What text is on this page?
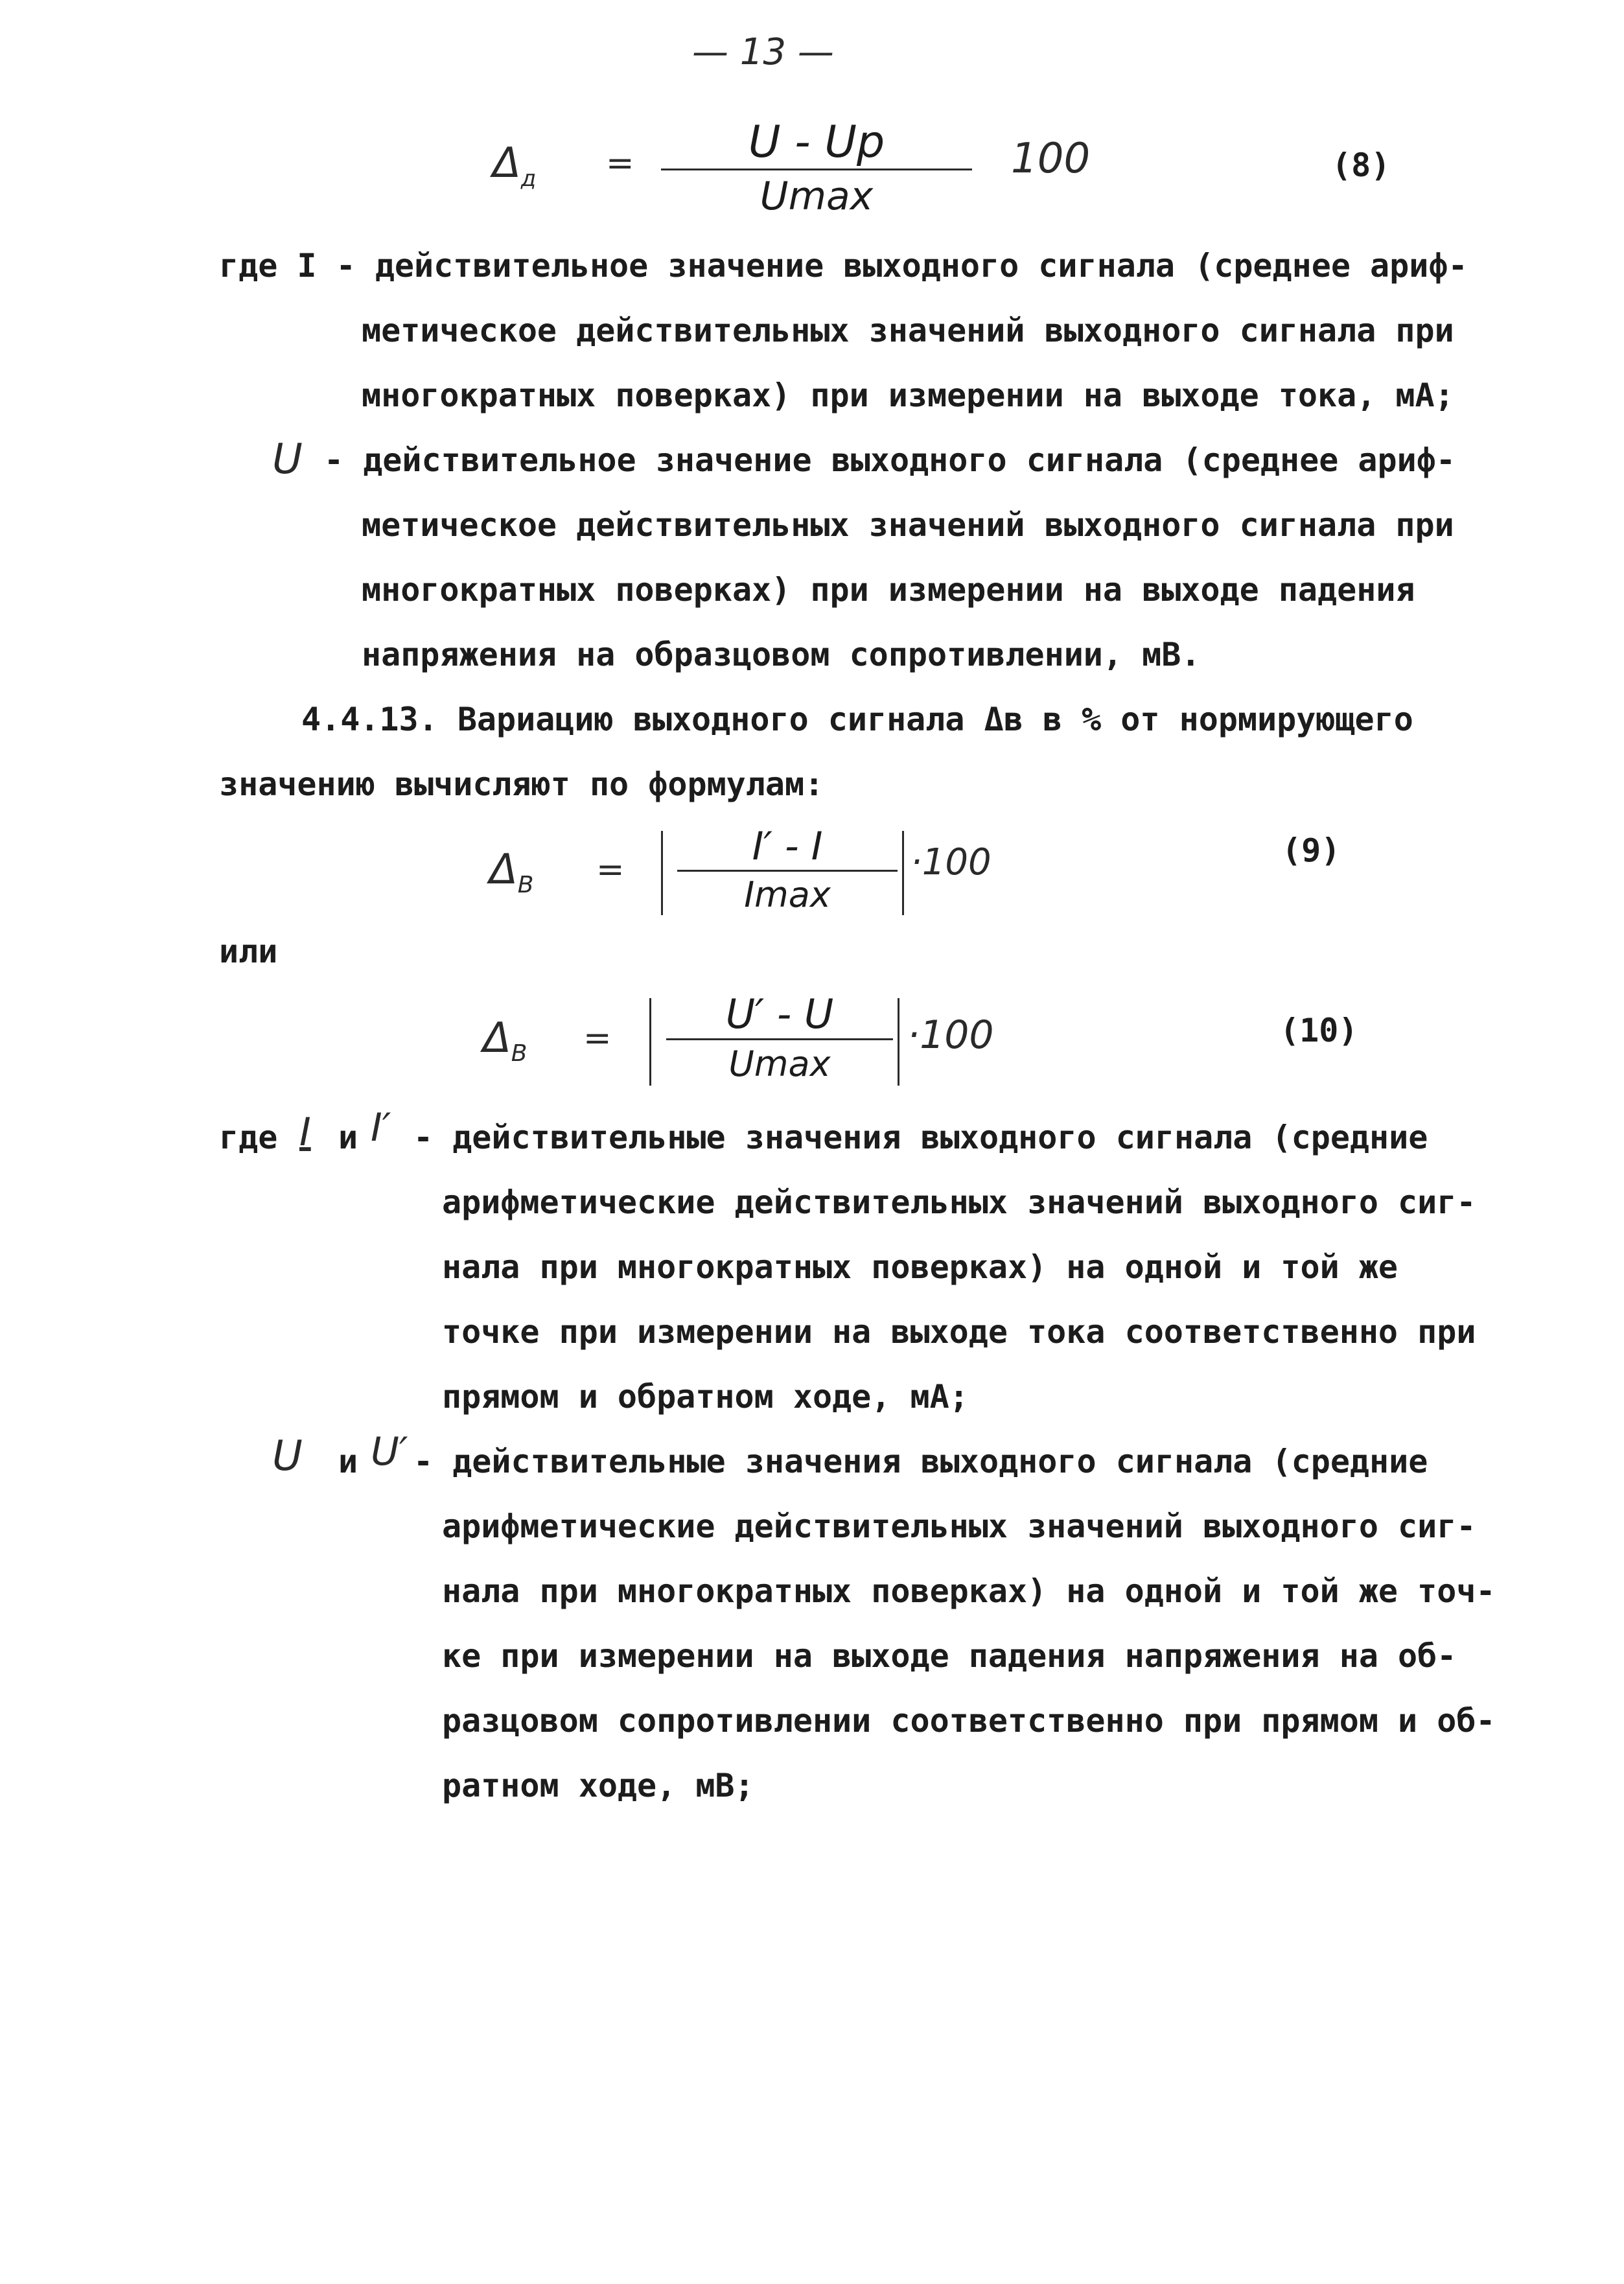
— 13 —
$\Delta_д$ =	U - Up
Umax
100	(8)
где I - действительное значение выходного сигнала (среднее ариф-
метическое действительных значений выходного сигнала при
многократных поверках) при измерении на выходе тока, мА;
U - действительное значение выходного сигнала (среднее ариф-
метическое действительных значений выходного сигнала при
многократных поверках) при измерении на выходе падения
напряжения на образцовом сопротивлении, мВ.
4.4.13. Вариацию выходного сигнала Δв в % от нормирующего
значению вычисляют по формулам:
$\Delta_B$ =
I′ - I
Imax
·100	(9)
или
$\Delta_B$ =
U′ - U
Umax
·100	(10)
где I и I′ - действительные значения выходного сигнала (средние
арифметические действительных значений выходного сиг-
нала при многократных поверках) на одной и той же
точке при измерении на выходе тока соответственно при
прямом и обратном ходе, мА;
U и U′ - действительные значения выходного сигнала (средние
арифметические действительных значений выходного сиг-
нала при многократных поверках) на одной и той же точ-
ке при измерении на выходе падения напряжения на об-
разцовом сопротивлении соответственно при прямом и об-
ратном ходе, мВ;
